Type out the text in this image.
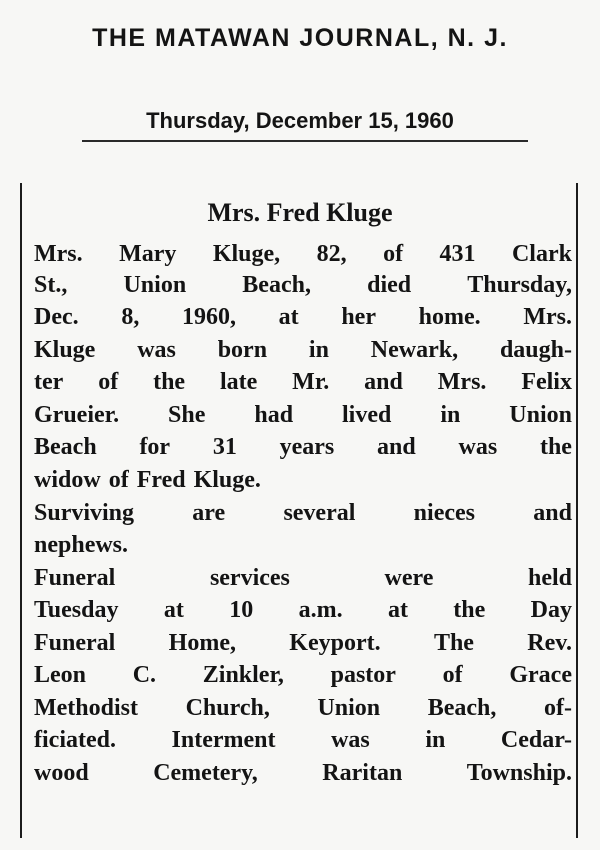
THE MATAWAN JOURNAL, N. J.
Thursday, December 15, 1960
Mrs. Fred Kluge
Mrs. Mary Kluge, 82, of 431 Clark
St., Union Beach, died Thursday,
Dec. 8, 1960, at her home. Mrs.
Kluge was born in Newark, daugh-
ter of the late Mr. and Mrs. Felix
Grueier. She had lived in Union
Beach for 31 years and was the
widow of Fred Kluge.
Surviving are several nieces and
nephews.
Funeral	services	were	held
Tuesday at 10 a.m. at the Day
Funeral Home, Keyport. The Rev.
Leon C. Zinkler, pastor of Grace
Methodist Church, Union Beach, of-
ficiated. Interment was in Cedar-
wood	Cemetery,	Raritan	Township.
